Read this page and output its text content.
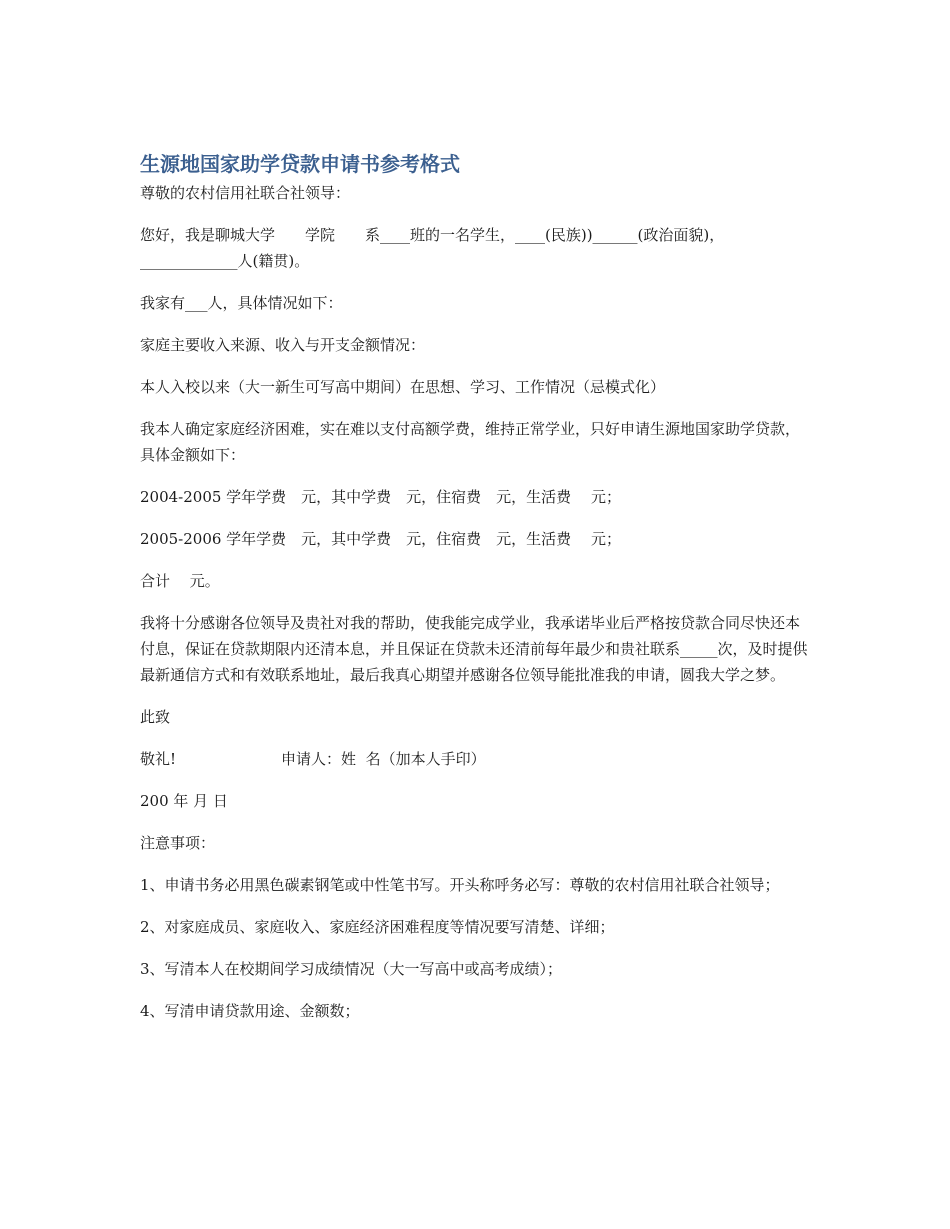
生源地国家助学贷款申请书参考格式

尊敬的农村信用社联合社领导：

您好，我是聊城大学　　学院　　系____班的一名学生，____(民族))______(政治面貌)，_____________人(籍贯)。

我家有___人，具体情况如下：

家庭主要收入来源、收入与开支金额情况：

本人入校以来（大一新生可写高中期间）在思想、学习、工作情况（忌模式化）

我本人确定家庭经济困难，实在难以支付高额学费，维持正常学业，只好申请生源地国家助学贷款，具体金额如下：

2004-2005 学年学费　元，其中学费　元，住宿费　元，生活费　 元；

2005-2006 学年学费　元，其中学费　元，住宿费　元，生活费　 元；

合计　 元。

我将十分感谢各位领导及贵社对我的帮助，使我能完成学业，我承诺毕业后严格按贷款合同尽快还本付息，保证在贷款期限内还清本息，并且保证在贷款未还清前每年最少和贵社联系_____次，及时提供最新通信方式和有效联系地址，最后我真心期望并感谢各位领导能批准我的申请，圆我大学之梦。

此致

敬礼!　　　　　　　申请人：姓  名（加本人手印）

200 年 月 日

注意事项：

1、申请书务必用黑色碳素钢笔或中性笔书写。开头称呼务必写：尊敬的农村信用社联合社领导；

2、对家庭成员、家庭收入、家庭经济困难程度等情况要写清楚、详细；

3、写清本人在校期间学习成绩情况（大一写高中或高考成绩）；

4、写清申请贷款用途、金额数；
